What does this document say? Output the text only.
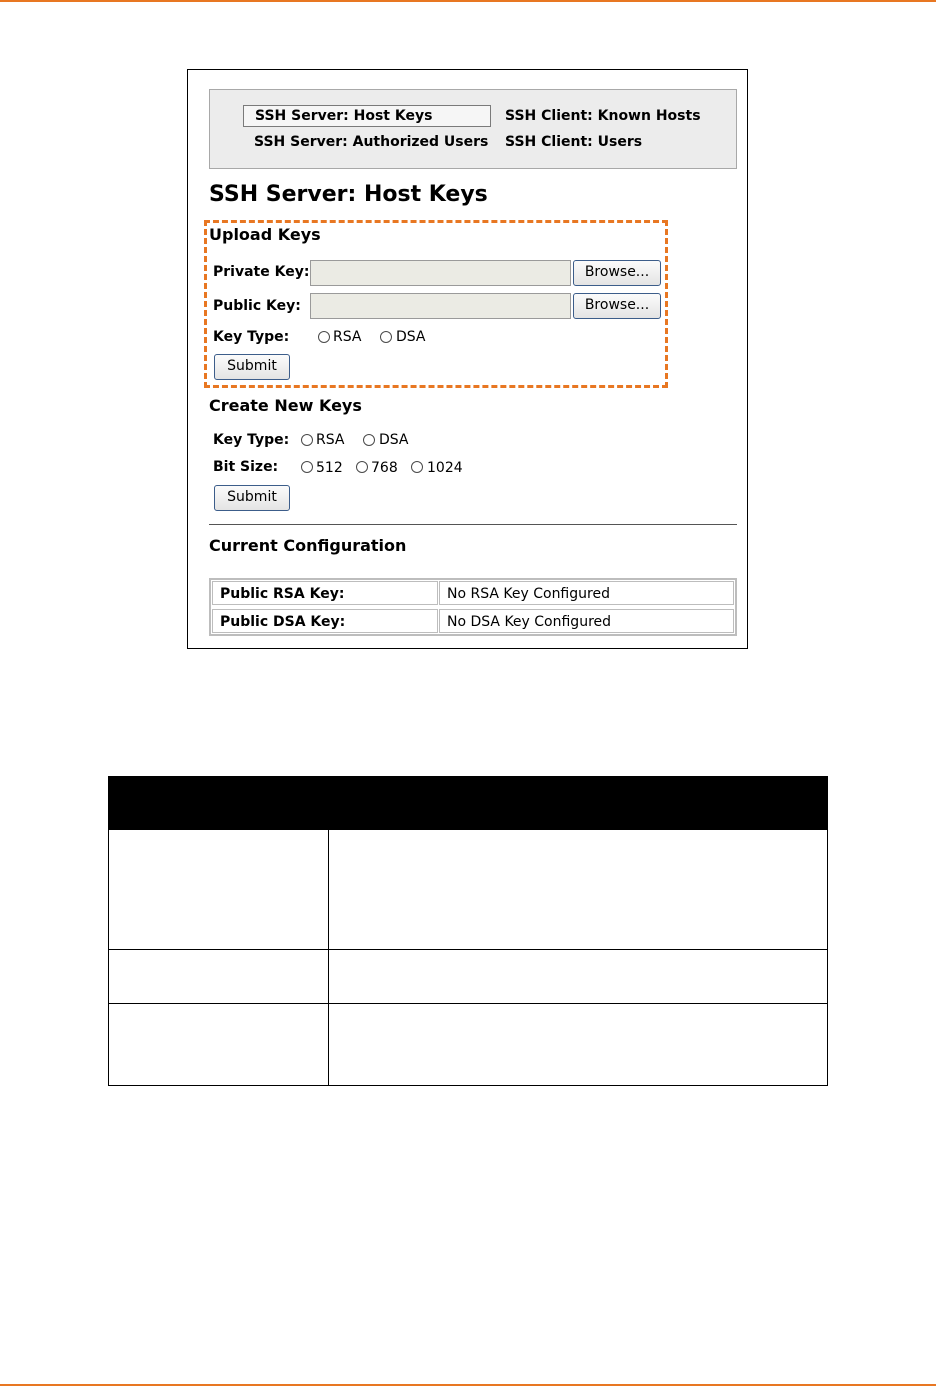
SSH Server: Host Keys
SSH Server: Authorized Users
SSH Client: Known Hosts
SSH Client: Users
SSH Server: Host Keys
Upload Keys
Private Key:	Browse...
Public Key:	Browse...
Key Type:	RSA DSA
Submit
Create New Keys
Key Type: RSA DSA
Bit Size:	512 768 1024
Submit
Current Configuration
Public RSA Key:	No RSA Key Configured
Public DSA Key:	No DSA Key Configured
